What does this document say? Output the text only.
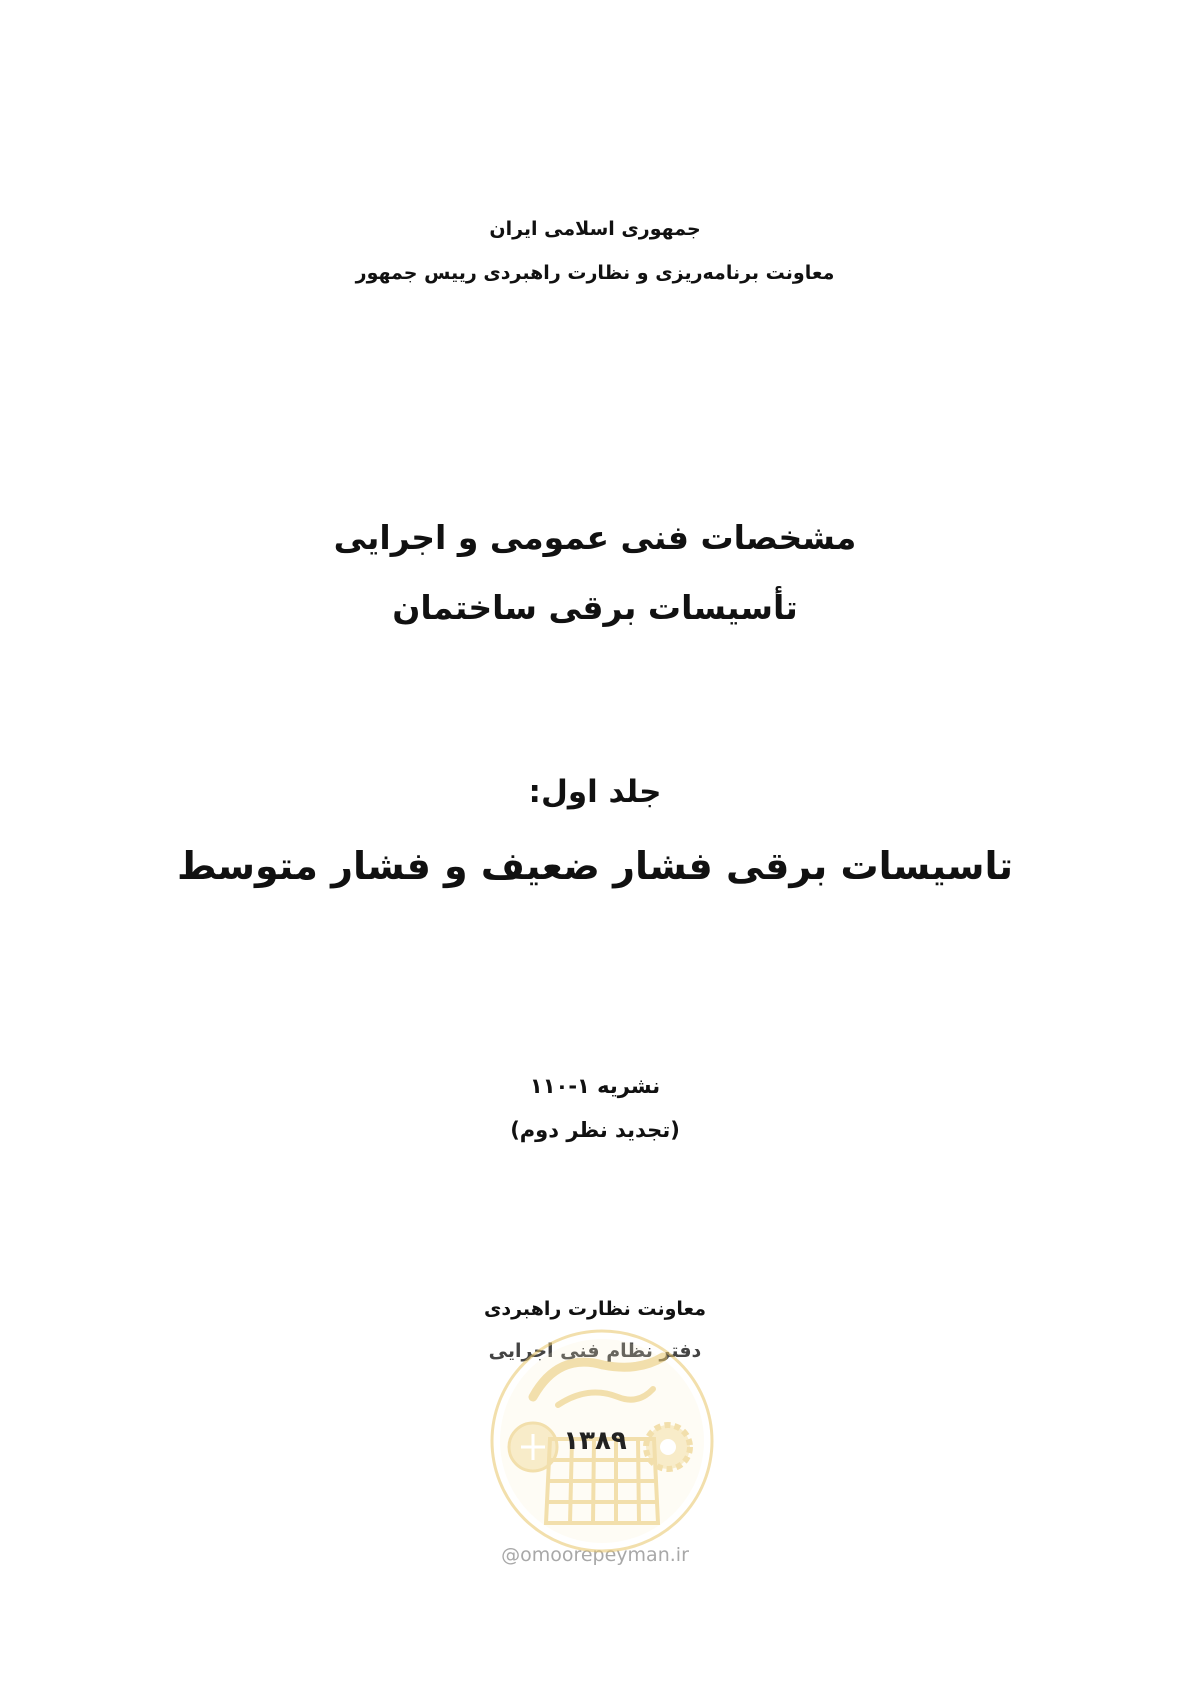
جمهوری اسلامی ایران
معاونت برنامه‌ریزی و نظارت راهبردی رییس جمهور
مشخصات فنی عمومی و اجرایی
تأسیسات برقی ساختمان
جلد اول:
تاسیسات برقی فشار ضعیف و فشار متوسط
نشریه ۱-۱۱۰
(تجدید نظر دوم)
معاونت نظارت راهبردی
دفتر نظام فنی اجرایی
۱۳۸۹
@omoorepeyman.ir
